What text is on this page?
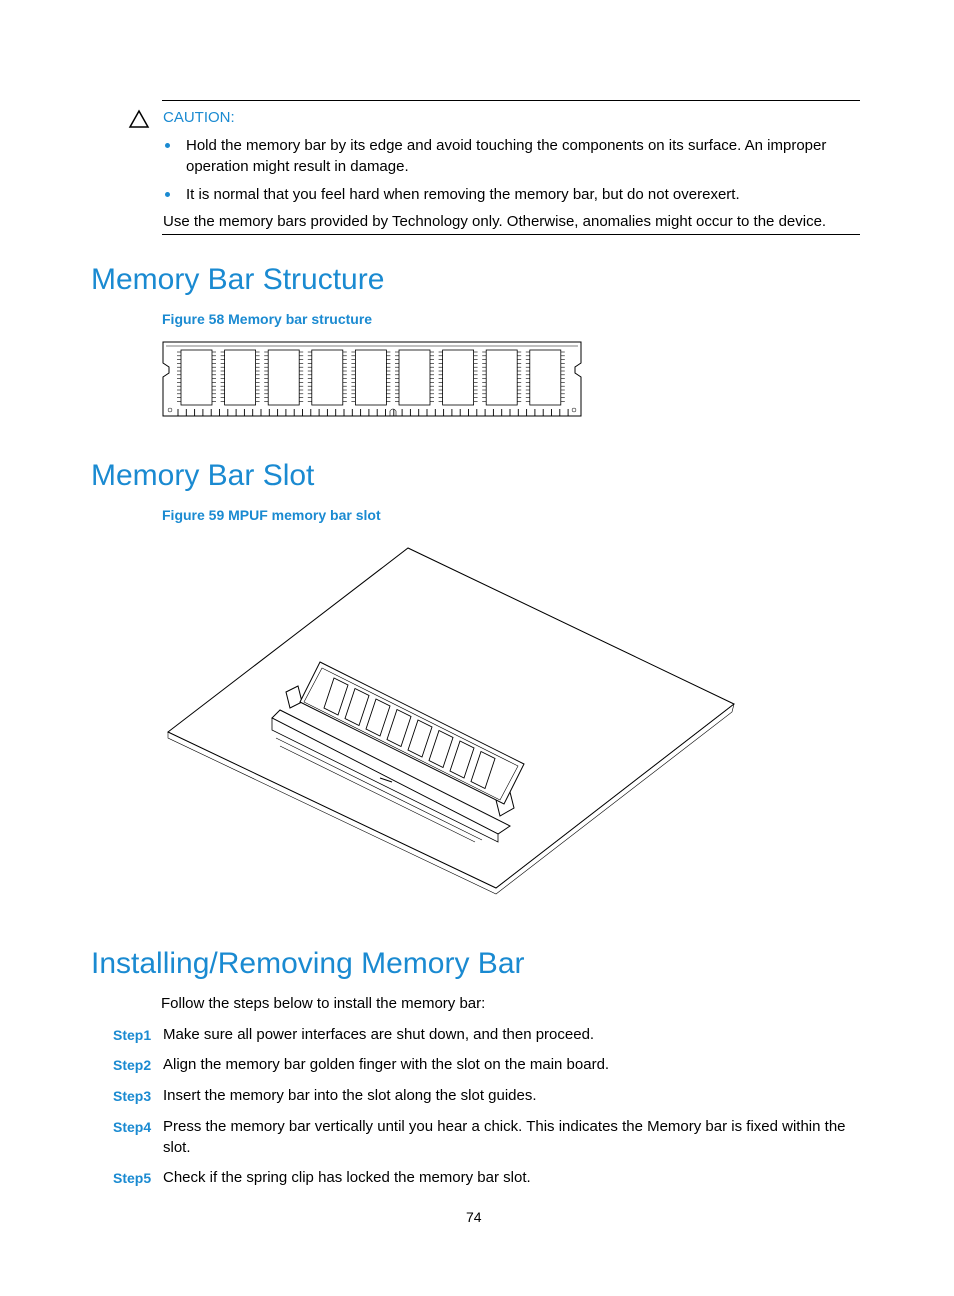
CAUTION:
Hold the memory bar by its edge and avoid touching the components on its surface. An improper operation might result in damage.
It is normal that you feel hard when removing the memory bar, but do not overexert.
Use the memory bars provided by Technology only. Otherwise, anomalies might occur to the device.
Memory Bar Structure
Figure 58 Memory bar structure
Memory Bar Slot
Figure 59 MPUF memory bar slot
Installing/Removing Memory Bar
Follow the steps below to install the memory bar:
Step1 Make sure all power interfaces are shut down, and then proceed.
Step2 Align the memory bar golden finger with the slot on the main board.
Step3 Insert the memory bar into the slot along the slot guides.
Step4 Press the memory bar vertically until you hear a chick. This indicates the Memory bar is fixed within the slot.
Step5 Check if the spring clip has locked the memory bar slot.
74
